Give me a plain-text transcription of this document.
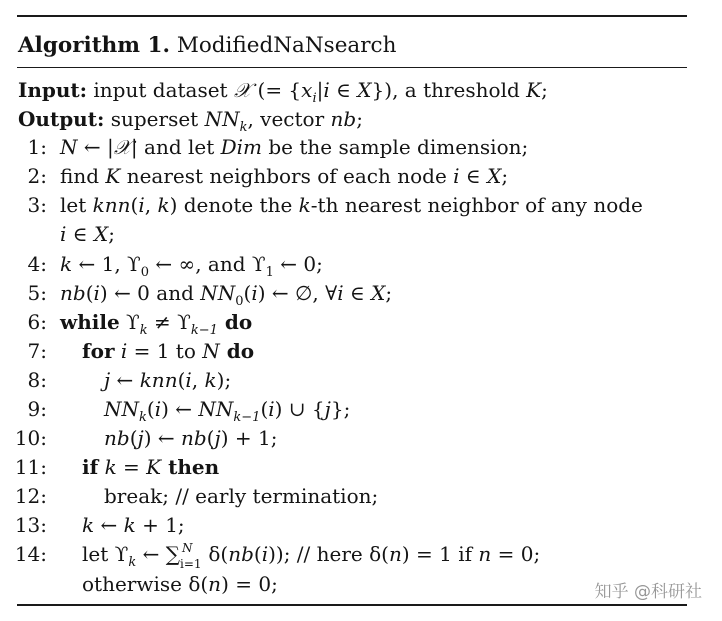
Algorithm 1. ModifiedNaNsearch
Input: input dataset 𝒳 (= {$x_i|i$ ∈ X}), a threshold K;
Output: superset $NN_k$, vector nb;
1: N ← |𝒳| and let Dim be the sample dimension;
2: find K nearest neighbors of each node i ∈ X;
3: let knn(i, k) denote the k-th nearest neighbor of any node
i ∈ X;
4: k ← 1, $ϒ_0$ ← ∞, and $ϒ_1$ ← 0;
5: nb(i) ← 0 and $NN_0(i)$ ← ∅, ∀i ∈ X;
6: while $ϒ_k \ne ϒ_{k-1}$ do
7: for i = 1 to N do
8:	j ← knn(i, k);
9:	$NN_k(i)$ ← $NN_{k-1}(i)$ ∪ {j};
10:	nb(j) ← nb(j) + 1;
11: if k = K then
12:	break; // early termination;
13: k ← k + 1;
14: let $ϒ_k$ ← ∑ N
i=1 δ(nb(i)); // here δ(n) = 1 if n = 0;
otherwise δ(n) = 0;	知乎 @科研社
